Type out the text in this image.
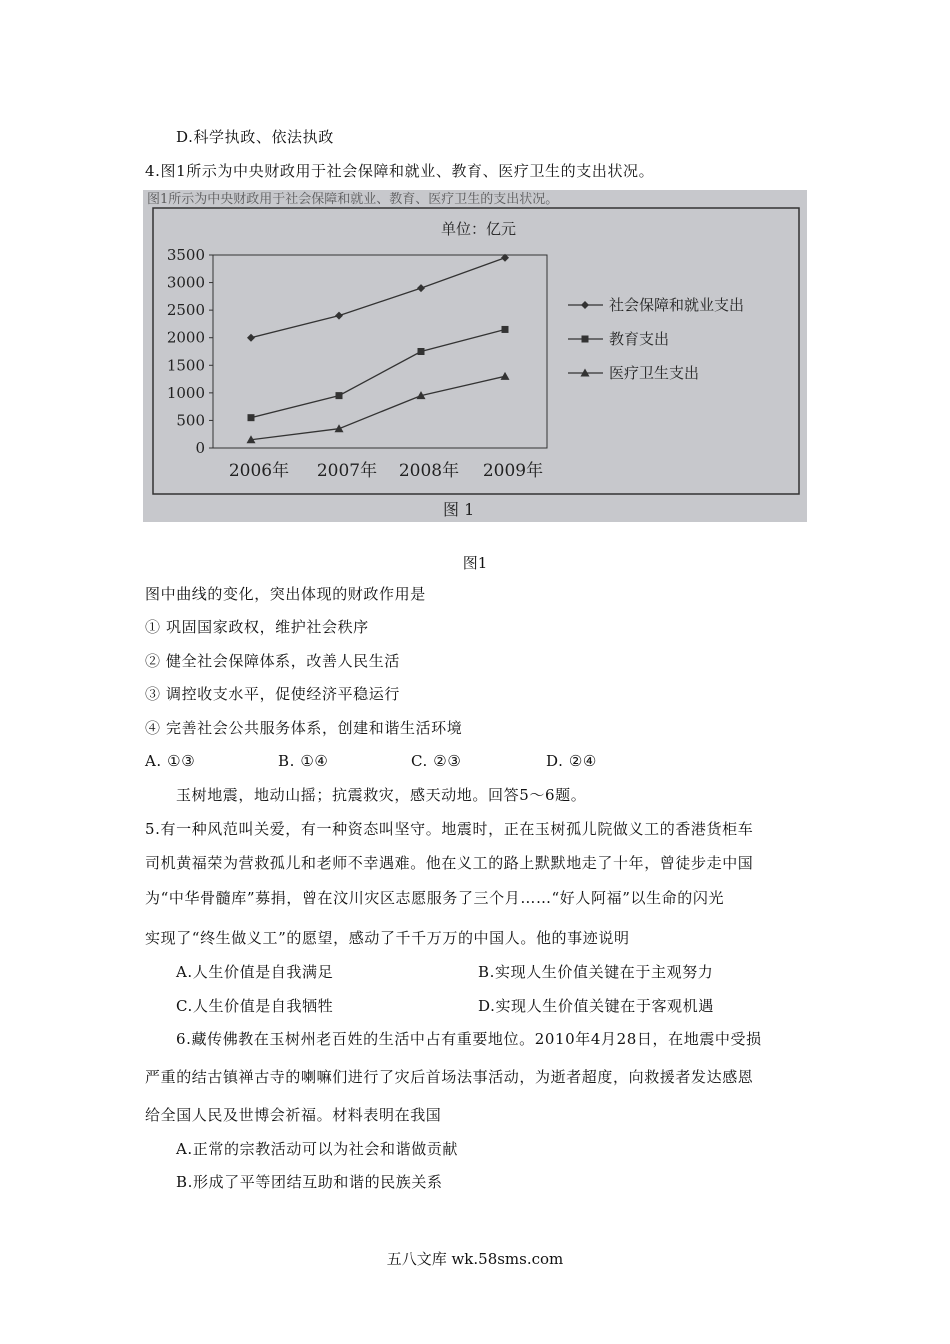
D.科学执政、依法执政
4.图1所示为中央财政用于社会保障和就业、教育、医疗卫生的支出状况。
图1所示为中央财政用于社会保障和就业、教育、医疗卫生的支出状况。
单位：亿元
0
500
1000
1500
2000
2500
3000
3500
2006年 2007年 2008年 2009年
社会保障和就业支出
教育支出
医疗卫生支出
图 1
图1
图中曲线的变化，突出体现的财政作用是
① 巩固国家政权，维护社会秩序
② 健全社会保障体系，改善人民生活
③ 调控收支水平，促使经济平稳运行
④ 完善社会公共服务体系，创建和谐生活环境
A. ①③	B. ①④	C. ②③	D. ②④
玉树地震，地动山摇；抗震救灾，感天动地。回答5～6题。
5.有一种风范叫关爱，有一种资态叫坚守。地震时，正在玉树孤儿院做义工的香港货柜车
司机黄福荣为营救孤儿和老师不幸遇难。他在义工的路上默默地走了十年，曾徒步走中国
为“中华骨髓库”募捐，曾在汶川灾区志愿服务了三个月……“好人阿福”以生命的闪光
实现了“终生做义工”的愿望，感动了千千万万的中国人。他的事迹说明
A.人生价值是自我满足	B.实现人生价值关键在于主观努力
C.人生价值是自我牺牲	D.实现人生价值关键在于客观机遇
6.藏传佛教在玉树州老百姓的生活中占有重要地位。2010年4月28日，在地震中受损
严重的结古镇禅古寺的喇嘛们进行了灾后首场法事活动，为逝者超度，向救援者发达感恩
给全国人民及世博会祈福。材料表明在我国
A.正常的宗教活动可以为社会和谐做贡献
B.形成了平等团结互助和谐的民族关系
五八文库 wk.58sms.com
